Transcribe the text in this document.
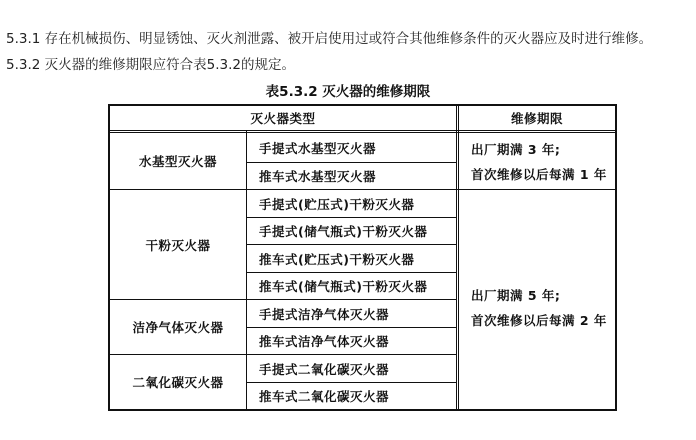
5.3.1 存在机械损伤、明显锈蚀、灭火剂泄露、被开启使用过或符合其他维修条件的灭火器应及时进行维修。
5.3.2 灭火器的维修期限应符合表5.3.2的规定。
表5.3.2 灭火器的维修期限
灭火器类型	维修期限
水基型灭火器
干粉灭火器
洁净气体灭火器
二氧化碳灭火器
手提式水基型灭火器
推车式水基型灭火器
手提式(贮压式)干粉灭火器
手提式(储气瓶式)干粉灭火器
推车式(贮压式)干粉灭火器
推车式(储气瓶式)干粉灭火器
手提式洁净气体灭火器
推车式洁净气体灭火器
手提式二氧化碳灭火器
推车式二氧化碳灭火器
出厂期满 3 年;
首次维修以后每满 1 年
出厂期满 5 年;
首次维修以后每满 2 年
